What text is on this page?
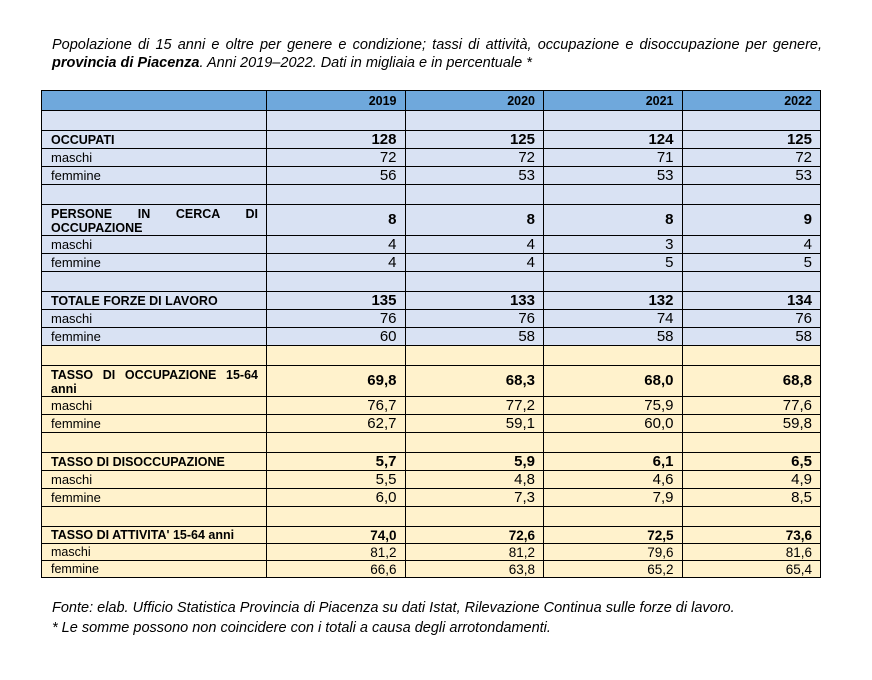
Popolazione di 15 anni e oltre per genere e condizione; tassi di attività, occupazione e disoccupazione per genere, provincia di Piacenza. Anni 2019–2022. Dati in migliaia e in percentuale *
	2019	2020	2021	2022

OCCUPATI	128	125	124	125
maschi	72	72	71	72
femmine	56	53	53	53

PERSONE IN CERCA DI OCCUPAZIONE	8	8	8	9
maschi	4	4	3	4
femmine	4	4	5	5

TOTALE FORZE DI LAVORO	135	133	132	134
maschi	76	76	74	76
femmine	60	58	58	58

TASSO DI OCCUPAZIONE 15-64 anni	69,8	68,3	68,0	68,8
maschi	76,7	77,2	75,9	77,6
femmine	62,7	59,1	60,0	59,8

TASSO DI DISOCCUPAZIONE	5,7	5,9	6,1	6,5
maschi	5,5	4,8	4,6	4,9
femmine	6,0	7,3	7,9	8,5

TASSO DI ATTIVITA' 15-64 anni	74,0	72,6	72,5	73,6
maschi	81,2	81,2	79,6	81,6
femmine	66,6	63,8	65,2	65,4
Fonte: elab. Ufficio Statistica Provincia di Piacenza su dati Istat, Rilevazione Continua sulle forze di lavoro.
* Le somme possono non coincidere con i totali a causa degli arrotondamenti.
